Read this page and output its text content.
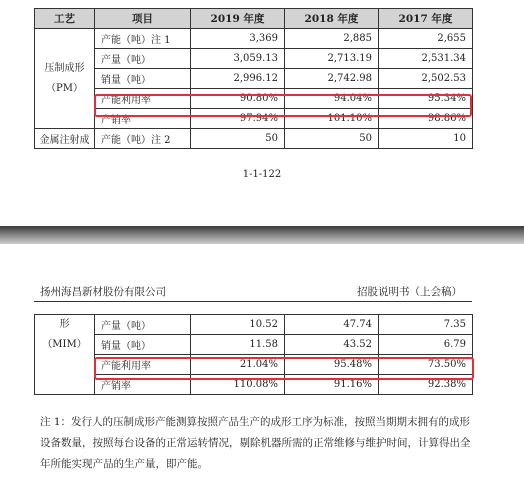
工艺	项目	2019 年度	2018 年度	2017 年度

压制成形
（PM）	产能（吨）注 1	3,369	2,885	2,655
	产量（吨）	3,059.13	2,713.19	2,531.34
	销量（吨）	2,996.12	2,742.98	2,502.53
	产能利用率	90.80%	94.04%	95.34%
	产销率	97.94%	101.10%	98.86%
金属注射成	产能（吨）注 2	50	50	10
1-1-122
扬州海昌新材股份有限公司	招股说明书（上会稿）
形
（MIM）	产量（吨）	10.52	47.74	7.35
	销量（吨）	11.58	43.52	6.79
	产能利用率	21.04%	95.48%	73.50%
	产销率	110.08%	91.16%	92.38%

注 1：发行人的压制成形产能测算按照产品生产的成形工序为标准，按照当期期末拥有的成形设备数量，按照每台设备的正常运转情况，剔除机器所需的正常维修与维护时间，计算得出全年所能实现产品的生产量，即产能。
